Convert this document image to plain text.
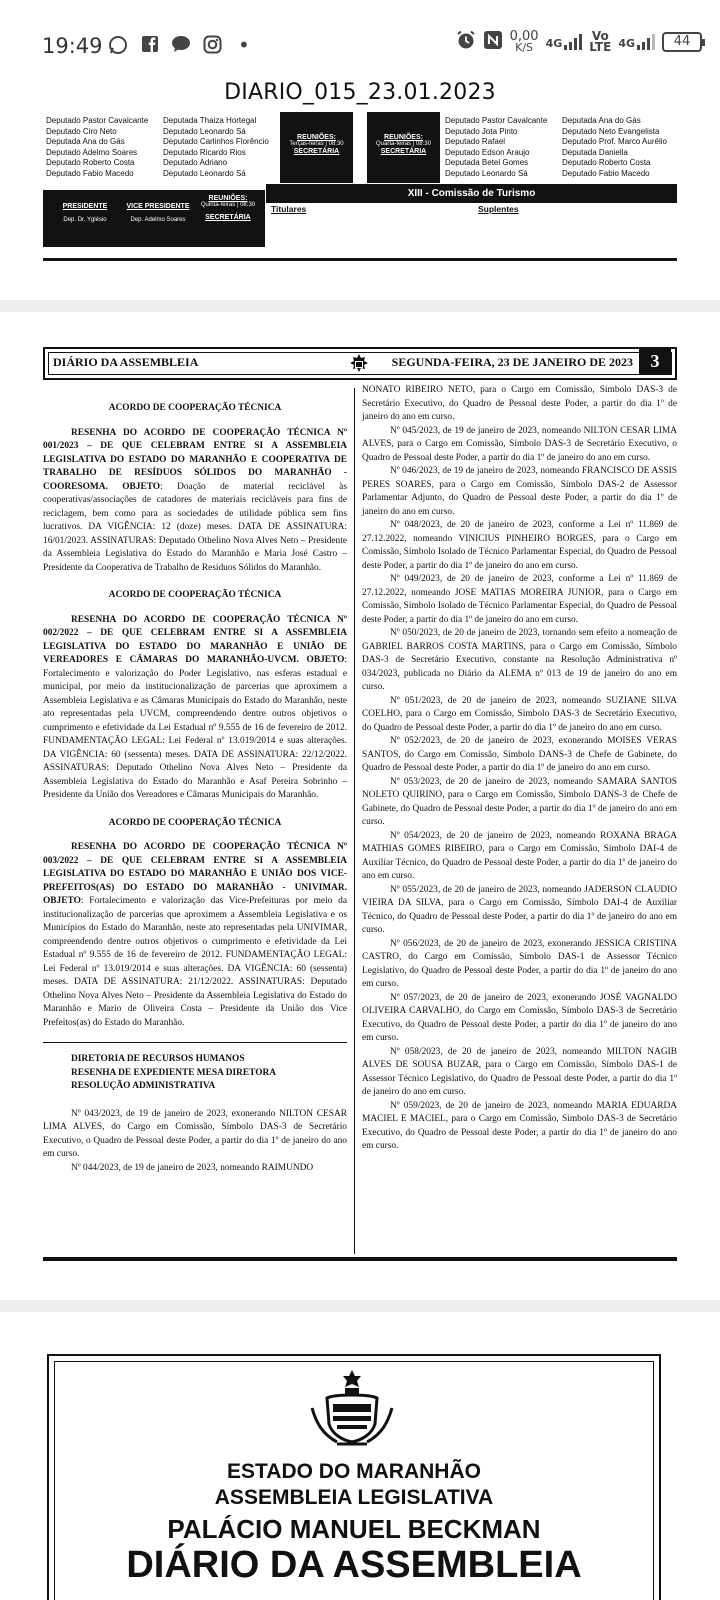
19:49	•	0,00
K/S	4G
Vo
LTE 4G	44
DIARIO_015_23.01.2023
Deputado Pastor Cavalcante
Deputado Ciro Neto
Deputada Ana do Gás
Deputado Adelmo Soares
Deputado Roberto Costa
Deputado Fabio Macedo
Deputada Thaiza Hortegal
Deputado Leonardo Sá
Deputado Carlinhos Florêncio
Deputado Ricardo Rios
Deputado Adriano
Deputado Leonardo Sá
REUNIÕES:
Terças-feiras | 08:30
SECRETÁRIA
REUNIÕES:
Quarta-feiras | 08:30
SECRETÁRIA
Deputado Pastor Cavalcante
Deputado Jota Pinto
Deputado Rafael
Deputado Edson Araujo
Deputada Betel Gomes
Deputado Leonardo Sá
Deputada Ana do Gás
Deputado Neto Evangelista
Deputado Prof. Marco Aurélio
Deputada Daniella
Deputado Roberto Costa
Deputado Fabio Macedo
XIII - Comissão de Turismo
PRESIDENTE
Dep. Dr. Yglésio
VICE PRESIDENTE
Dep. Adelmo Soares
REUNIÕES:
Quinta-feiras | 08:30
SECRETÁRIA
Titulares	Suplentes
DIÁRIO DA ASSEMBLEIA	SEGUNDA-FEIRA, 23 DE JANEIRO DE 2023 3

ACORDO DE COOPERAÇÃO TÉCNICA

RESENHA DO ACORDO DE COOPERAÇÃO TÉCNICA Nº 001/2023 – DE QUE CELEBRAM ENTRE SI A ASSEMBLEIA LEGISLATIVA DO ESTADO DO MARANHÃO E COOPERATIVA DE TRABALHO DE RESÍDUOS SÓLIDOS DO MARANHÃO - COORESOMA. OBJETO: Doação de material reciclável às cooperativas/associações de catadores de materiais recicláveis para fins de reciclagem, bem como para as sociedades de utilidade pública sem fins lucrativos. DA VIGÊNCIA: 12 (doze) meses. DATA DE ASSINATURA: 16/01/2023. ASSINATURAS: Deputado Othelino Nova Alves Neto – Presidente da Assembleia Legislativa do Estado do Maranhão e Maria José Castro – Presidente da Cooperativa de Trabalho de Resíduos Sólidos do Maranhão.

ACORDO DE COOPERAÇÃO TÉCNICA

RESENHA DO ACORDO DE COOPERAÇÃO TÉCNICA Nº 002/2022 – DE QUE CELEBRAM ENTRE SI A ASSEMBLEIA LEGISLATIVA DO ESTADO DO MARANHÃO E UNIÃO DE VEREADORES E CÂMARAS DO MARANHÃO-UVCM. OBJETO: Fortalecimento e valorização do Poder Legislativo, nas esferas estadual e municipal, por meio da institucionalização de parcerias que aproximem a Assembleia Legislativa e as Câmaras Municipais do Estado do Maranhão, neste ato representadas pela UVCM, compreendendo dentre outros objetivos o cumprimento e efetividade da Lei Estadual nº 9.555 de 16 de fevereiro de 2012. FUNDAMENTAÇÃO LEGAL: Lei Federal nº 13.019/2014 e suas alterações. DA VIGÊNCIA: 60 (sessenta) meses. DATA DE ASSINATURA: 22/12/2022. ASSINATURAS: Deputado Othelino Nova Alves Neto – Presidente da Assembleia Legislativa do Estado do Maranhão e Asaf Pereira Sobrinho – Presidente da União dos Vereadores e Câmaras Municipais do Maranhão.

ACORDO DE COOPERAÇÃO TÉCNICA

RESENHA DO ACORDO DE COOPERAÇÃO TÉCNICA Nº 003/2022 – DE QUE CELEBRAM ENTRE SI A ASSEMBLEIA LEGISLATIVA DO ESTADO DO MARANHÃO E UNIÃO DOS VICE-PREFEITOS(AS) DO ESTADO DO MARANHÃO - UNIVIMAR. OBJETO: Fortalecimento e valorização das Vice-Prefeituras por meio da institucionalização de parcerias que aproximem a Assembleia Legislativa e os Municípios do Estado do Maranhão, neste ato representadas pela UNIVIMAR, compreendendo dentre outros objetivos o cumprimento e efetividade da Lei Estadual nº 9.555 de 16 de fevereiro de 2012. FUNDAMENTAÇÃO LEGAL: Lei Federal nº 13.019/2014 e suas alterações. DA VIGÊNCIA: 60 (sessenta) meses. DATA DE ASSINATURA: 21/12/2022. ASSINATURAS: Deputado Othelino Nova Alves Neto – Presidente da Assembleia Legislativa do Estado do Maranhão e Mario de Oliveira Costa – Presidente da União dos Vice Prefeitos(as) do Estado do Maranhão.

DIRETORIA DE RECURSOS HUMANOS

RESENHA DE EXPEDIENTE MESA DIRETORA

RESOLUÇÃO ADMINISTRATIVA

Nº 043/2023, de 19 de janeiro de 2023, exonerando NILTON CESAR LIMA ALVES, do Cargo em Comissão, Símbolo DAS-3 de Secretário Executivo, o Quadro de Pessoal deste Poder, a partir do dia 1º de janeiro do ano em curso.

Nº 044/2023, de 19 de janeiro de 2023, nomeando RAIMUNDO

NONATO RIBEIRO NETO, para o Cargo em Comissão, Símbolo DAS-3 de Secretário Executivo, do Quadro de Pessoal deste Poder, a partir do dia 1º de janeiro do ano em curso.

Nº 045/2023, de 19 de janeiro de 2023, nomeando NILTON CESAR LIMA ALVES, para o Cargo em Comissão, Símbolo DAS-3 de Secretário Executivo, o Quadro de Pessoal deste Poder, a partir do dia 1º de janeiro do ano em curso.

Nº 046/2023, de 19 de janeiro de 2023, nomeando FRANCISCO DE ASSIS PERES SOARES, para o Cargo em Comissão, Símbolo DAS-2 de Assessor Parlamentar Adjunto, do Quadro de Pessoal deste Poder, a partir do dia 1º de janeiro do ano em curso.

Nº 048/2023, de 20 de janeiro de 2023, conforme a Lei nº 11.869 de 27.12.2022, nomeando VINICIUS PINHEIRO BORGES, para o Cargo em Comissão, Símbolo Isolado de Técnico Parlamentar Especial, do Quadro de Pessoal deste Poder, a partir do dia 1º de janeiro do ano em curso.

Nº 049/2023, de 20 de janeiro de 2023, conforme a Lei nº 11.869 de 27.12.2022, nomeando JOSE MATIAS MOREIRA JUNIOR, para o Cargo em Comissão, Símbolo Isolado de Técnico Parlamentar Especial, do Quadro de Pessoal deste Poder, a partir do dia 1º de janeiro do ano em curso.

Nº 050/2023, de 20 de janeiro de 2023, tornando sem efeito a nomeação de GABRIEL BARROS COSTA MARTINS, para o Cargo em Comissão, Símbolo DAS-3 de Secretário Executivo, constante na Resolução Administrativa nº 034/2023, publicada no Diário da ALEMA nº 013 de 19 de janeiro do ano em curso.

Nº 051/2023, de 20 de janeiro de 2023, nomeando SUZIANE SILVA COELHO, para o Cargo em Comissão, Símbolo DAS-3 de Secretário Executivo, do Quadro de Pessoal deste Poder, a partir do dia 1º de janeiro do ano em curso.

Nº 052/2023, de 20 de janeiro de 2023, exonerando MOISES VERAS SANTOS, do Cargo em Comissão, Símbolo DANS-3 de Chefe de Gabinete, do Quadro de Pessoal deste Poder, a partir do dia 1º de janeiro do ano em curso.

Nº 053/2023, de 20 de janeiro de 2023, nomeando SAMARA SANTOS NOLETO QUIRINO, para o Cargo em Comissão, Símbolo DANS-3 de Chefe de Gabinete, do Quadro de Pessoal deste Poder, a partir do dia 1º de janeiro do ano em curso.

Nº 054/2023, de 20 de janeiro de 2023, nomeando ROXANA BRAGA MATHIAS GOMES RIBEIRO, para o Cargo em Comissão, Símbolo DAI-4 de Auxiliar Técnico, do Quadro de Pessoal deste Poder, a partir do dia 1º de janeiro do ano em curso.

Nº 055/2023, de 20 de janeiro de 2023, nomeando JADERSON CLAUDIO VIEIRA DA SILVA, para o Cargo em Comissão, Símbolo DAI-4 de Auxiliar Técnico, do Quadro de Pessoal deste Poder, a partir do dia 1º de janeiro do ano em curso.

Nº 056/2023, de 20 de janeiro de 2023, exonerando JESSICA CRISTINA CASTRO, do Cargo em Comissão, Símbolo DAS-1 de Assessor Técnico Legislativo, do Quadro de Pessoal deste Poder, a partir do dia 1º de janeiro do ano em curso.

Nº 057/2023, de 20 de janeiro de 2023, exonerando JOSÉ VAGNALDO OLIVEIRA CARVALHO, do Cargo em Comissão, Símbolo DAS-3 de Secretário Executivo, do Quadro de Pessoal deste Poder, a partir do dia 1º de janeiro do ano em curso.

Nº 058/2023, de 20 de janeiro de 2023, nomeando MILTON NAGIB ALVES DE SOUSA BUZAR, para o Cargo em Comissão, Símbolo DAS-1 de Assessor Técnico Legislativo, do Quadro de Pessoal deste Poder, a partir do dia 1º de janeiro do ano em curso.

Nº 059/2023, de 20 de janeiro de 2023, nomeando MARIA EDUARDA MACIEL E MACIEL, para o Cargo em Comissão, Símbolo DAS-3 de Secretário Executivo, do Quadro de Pessoal deste Poder, a partir do dia 1º de janeiro do ano em curso.

ESTADO DO MARANHÃO
ASSEMBLEIA LEGISLATIVA
PALÁCIO MANUEL BECKMAN
DIÁRIO DA ASSEMBLEIA
